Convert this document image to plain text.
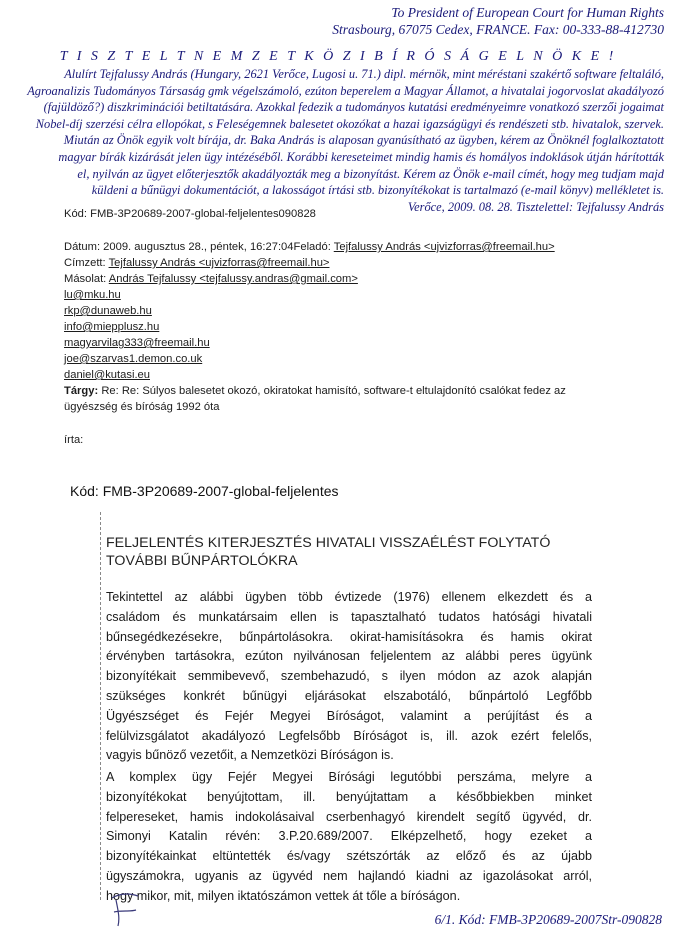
To President of European Court for Human Rights
Strasbourg, 67075 Cedex, FRANCE. Fax: 00-333-88-412730
T I S Z T E L T N E M Z E T K Ö Z I B Í R Ó S Á G E L N Ö K E !
Alulírt Tejfalussy András (Hungary, 2621 Verőce, Lugosi u. 71.) dipl. mérnök, mint méréstani szakértő software feltaláló,
Agroanalizis Tudományos Társaság gmk végelszámoló, ezúton beperelem a Magyar Államot, a hivatalai jogorvoslat akadályozó
(fajüldöző?) diszkriminációi betiltatására. Azokkal fedezik a tudományos kutatási eredményeimre vonatkozó szerzői jogaimat
Nobel-díj szerzési célra ellopókat, s Feleségemnek balesetet okozókat a hazai igazságügyi és rendészeti stb. hivatalok, szervek.
Miután az Önök egyik volt bírája, dr. Baka András is alaposan gyanúsítható az ügyben, kérem az Önöknél foglalkoztatott
magyar bírák kizárását jelen ügy intézéséből. Korábbi kereseteimet mindig hamis és homályos indoklások útján hárították
el, nyilván az ügyet előterjesztők akadályozták meg a bizonyítást. Kérem az Önök e-mail címét, hogy meg tudjam majd
küldeni a bűnügyi dokumentációt, a lakosságot írtási stb. bizonyítékokat is tartalmazó (e-mail könyv) mellékletet is.
Verőce, 2009. 08. 28. Tisztelettel: Tejfalussy András
Kód: FMB-3P20689-2007-global-feljelentes090828
Dátum: 2009. augusztus 28., péntek, 16:27:04Feladó: Tejfalussy András <ujvizforras@freemail.hu>
Címzett: Tejfalussy András <ujvizforras@freemail.hu>
Másolat: András Tejfalussy <tejfalussy.andras@gmail.com>
lu@mku.hu
rkp@dunaweb.hu
info@miepplusz.hu
magyarvilag333@freemail.hu
joe@szarvas1.demon.co.uk
daniel@kutasi.eu
Tárgy: Re: Re: Súlyos balesetet okozó, okiratokat hamisító, software-t eltulajdonító csalókat fedez az
ügyészség és bíróság 1992 óta
írta:
Kód: FMB-3P20689-2007-global-feljelentes
FELJELENTÉS KITERJESZTÉS HIVATALI VISSZAÉLÉST FOLYTATÓ
TOVÁBBI BŰNPÁRTOLÓKRA
Tekintettel az alábbi ügyben több évtizede (1976) ellenem elkezdett és a
családom és munkatársaim ellen is tapasztalható tudatos hatósági hivatali
bűnsegédkezésekre, bűnpártolásokra. okirat-hamisításokra és hamis okirat
érvényben tartásokra, ezúton nyilvánosan feljelentem az alábbi peres ügyünk
bizonyítékait semmibevevő, szembehazudó, s ilyen módon az azok alapján
szükséges konkrét bűnügyi eljárásokat elszabotáló, bűnpártoló Legfőbb
Ügyészséget és Fejér Megyei Bíróságot, valamint a perújítást és a
felülvizsgálatot akadályozó Legfelsőbb Bíróságot is, ill. azok ezért felelős,
vagyis bűnöző vezetőit, a Nemzetközi Bíróságon is.
A komplex ügy Fejér Megyei Bírósági legutóbbi perszáma, melyre a
bizonyítékokat benyújtottam, ill. benyújtattam a későbbiekben minket
felpereseket, hamis indokolásaival cserbenhagyó kirendelt segítő ügyvéd, dr.
Simonyi Katalin révén: 3.P.20.689/2007. Elképzelhető, hogy ezeket a
bizonyítékainkat eltüntették és/vagy szétszórták az előző és az újabb
ügyszámokra, ugyanis az ügyvéd nem hajlandó kiadni az igazolásokat arról,
hogy mikor, mit, milyen iktatószámon vettek át tőle a bíróságon.
6/1. Kód: FMB-3P20689-2007Str-090828
